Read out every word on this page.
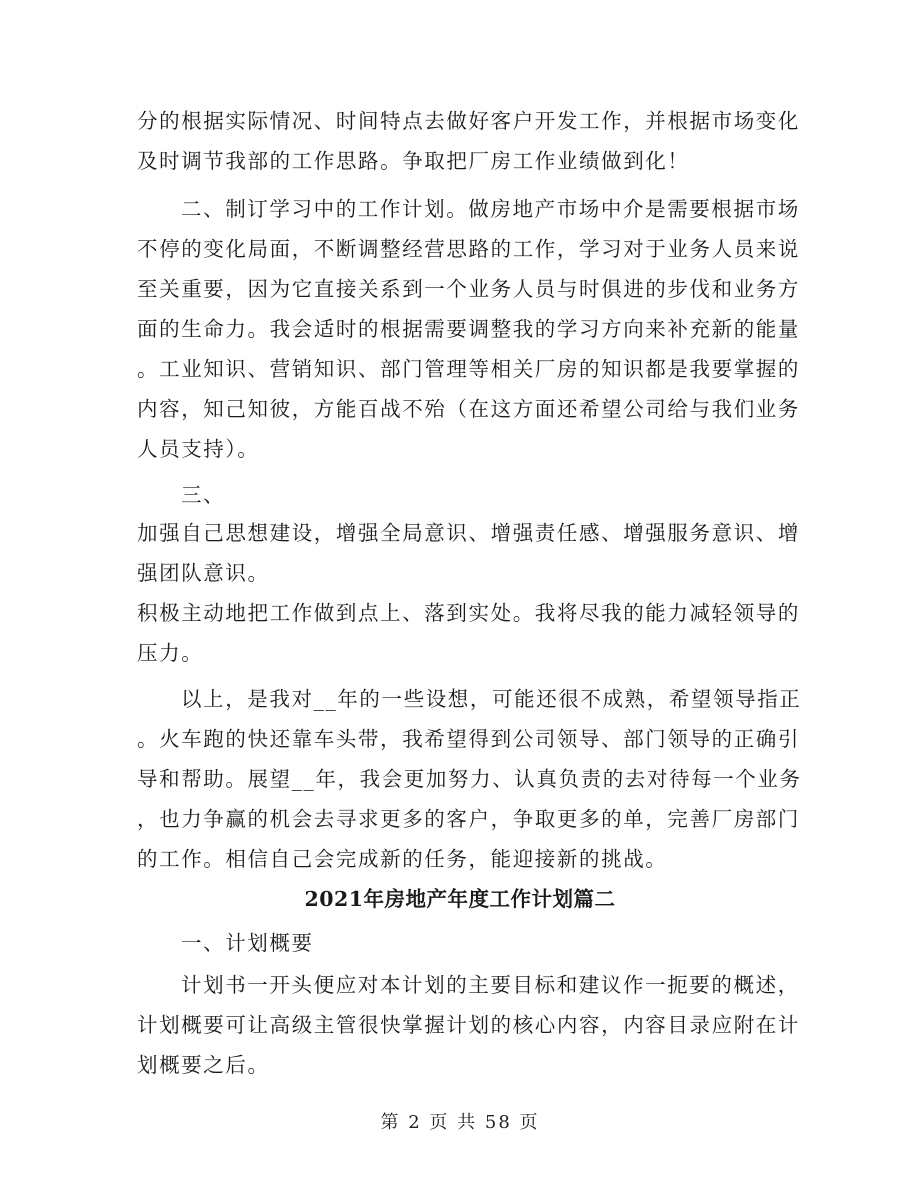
分的根据实际情况、时间特点去做好客户开发工作，并根据市场变化

及时调节我部的工作思路。争取把厂房工作业绩做到化！

二、制订学习中的工作计划。做房地产市场中介是需要根据市场

不停的变化局面，不断调整经营思路的工作，学习对于业务人员来说

至关重要，因为它直接关系到一个业务人员与时俱进的步伐和业务方

面的生命力。我会适时的根据需要调整我的学习方向来补充新的能量

。工业知识、营销知识、部门管理等相关厂房的知识都是我要掌握的

内容，知己知彼，方能百战不殆（在这方面还希望公司给与我们业务

人员支持）。

三、

加强自己思想建设，增强全局意识、增强责任感、增强服务意识、增

强团队意识。

积极主动地把工作做到点上、落到实处。我将尽我的能力减轻领导的

压力。

以上，是我对__年的一些设想，可能还很不成熟，希望领导指正

。火车跑的快还靠车头带，我希望得到公司领导、部门领导的正确引

导和帮助。展望__年，我会更加努力、认真负责的去对待每一个业务

，也力争赢的机会去寻求更多的客户，争取更多的单，完善厂房部门

的工作。相信自己会完成新的任务，能迎接新的挑战。

2021年房地产年度工作计划篇二

一、计划概要

计划书一开头便应对本计划的主要目标和建议作一扼要的概述，

计划概要可让高级主管很快掌握计划的核心内容，内容目录应附在计

划概要之后。

第 2 页 共 58 页
